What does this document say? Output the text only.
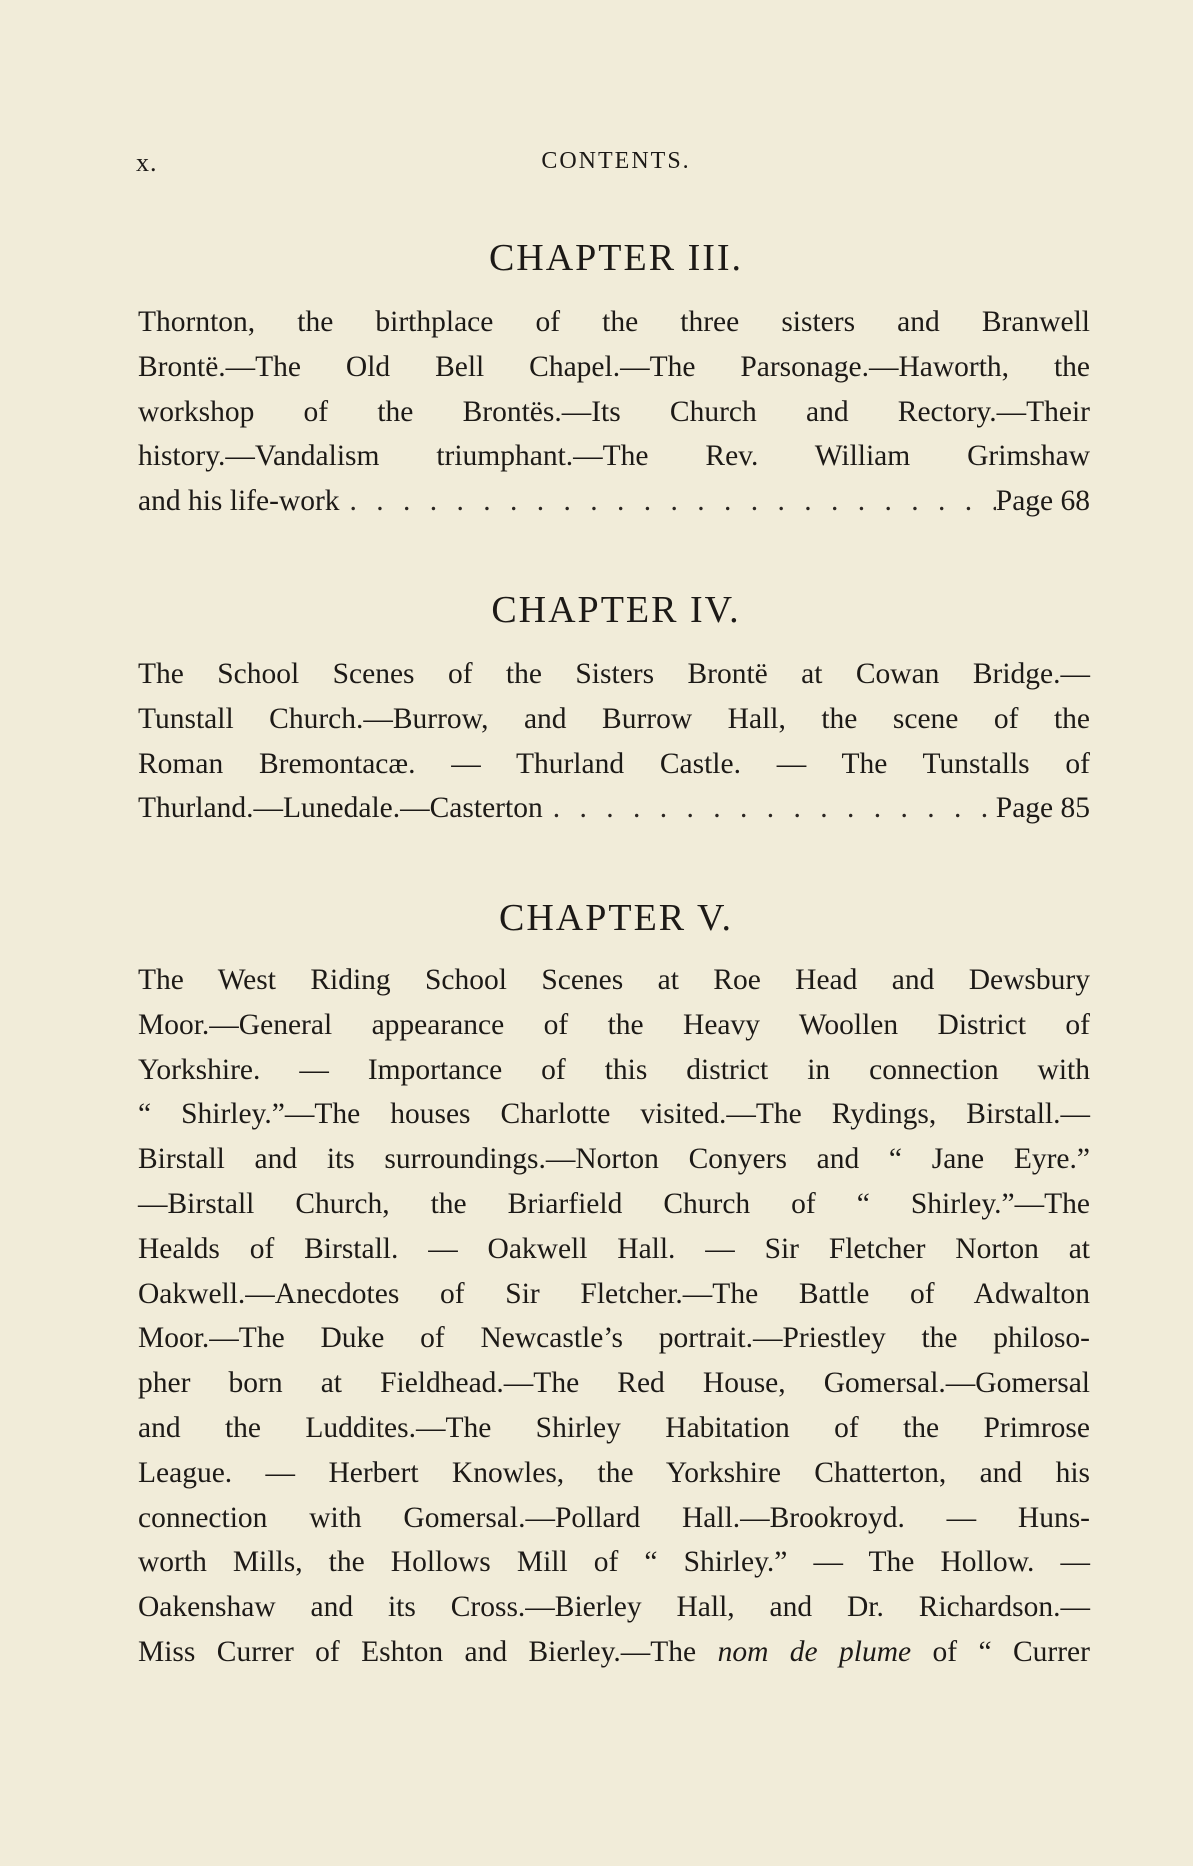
x.	CONTENTS.
CHAPTER III.
Thornton, the birthplace of the three sisters and Branwell
Brontë.—The Old Bell Chapel.—The Parsonage.—Haworth, the
workshop of the Brontës.—Its Church and Rectory.—Their
history.—Vandalism triumphant.—The Rev. William Grimshaw
and his life-work . . .	Page 68
CHAPTER IV.
The School Scenes of the Sisters Brontë at Cowan Bridge.—
Tunstall Church.—Burrow, and Burrow Hall, the scene of the
Roman Bremontacæ. — Thurland Castle. — The Tunstalls of
Thurland.—Lunedale.—Casterton . . .	Page 85
CHAPTER V.
The West Riding School Scenes at Roe Head and Dewsbury
Moor.—General appearance of the Heavy Woollen District of
Yorkshire. — Importance of this district in connection with
“ Shirley.”—The houses Charlotte visited.—The Rydings, Birstall.—
Birstall and its surroundings.—Norton Conyers and “ Jane Eyre.”
—Birstall Church, the Briarfield Church of “ Shirley.”—The
Healds of Birstall. — Oakwell Hall. — Sir Fletcher Norton at
Oakwell.—Anecdotes of Sir Fletcher.—The Battle of Adwalton
Moor.—The Duke of Newcastle’s portrait.—Priestley the philoso-
pher born at Fieldhead.—The Red House, Gomersal.—Gomersal
and the Luddites.—The Shirley Habitation of the Primrose
League. — Herbert Knowles, the Yorkshire Chatterton, and his
connection with Gomersal.—Pollard Hall.—Brookroyd. — Huns-
worth Mills, the Hollows Mill of “ Shirley.” — The Hollow. —
Oakenshaw and its Cross.—Bierley Hall, and Dr. Richardson.—
Miss Currer of Eshton and Bierley.—The nom de plume of “ Currer
